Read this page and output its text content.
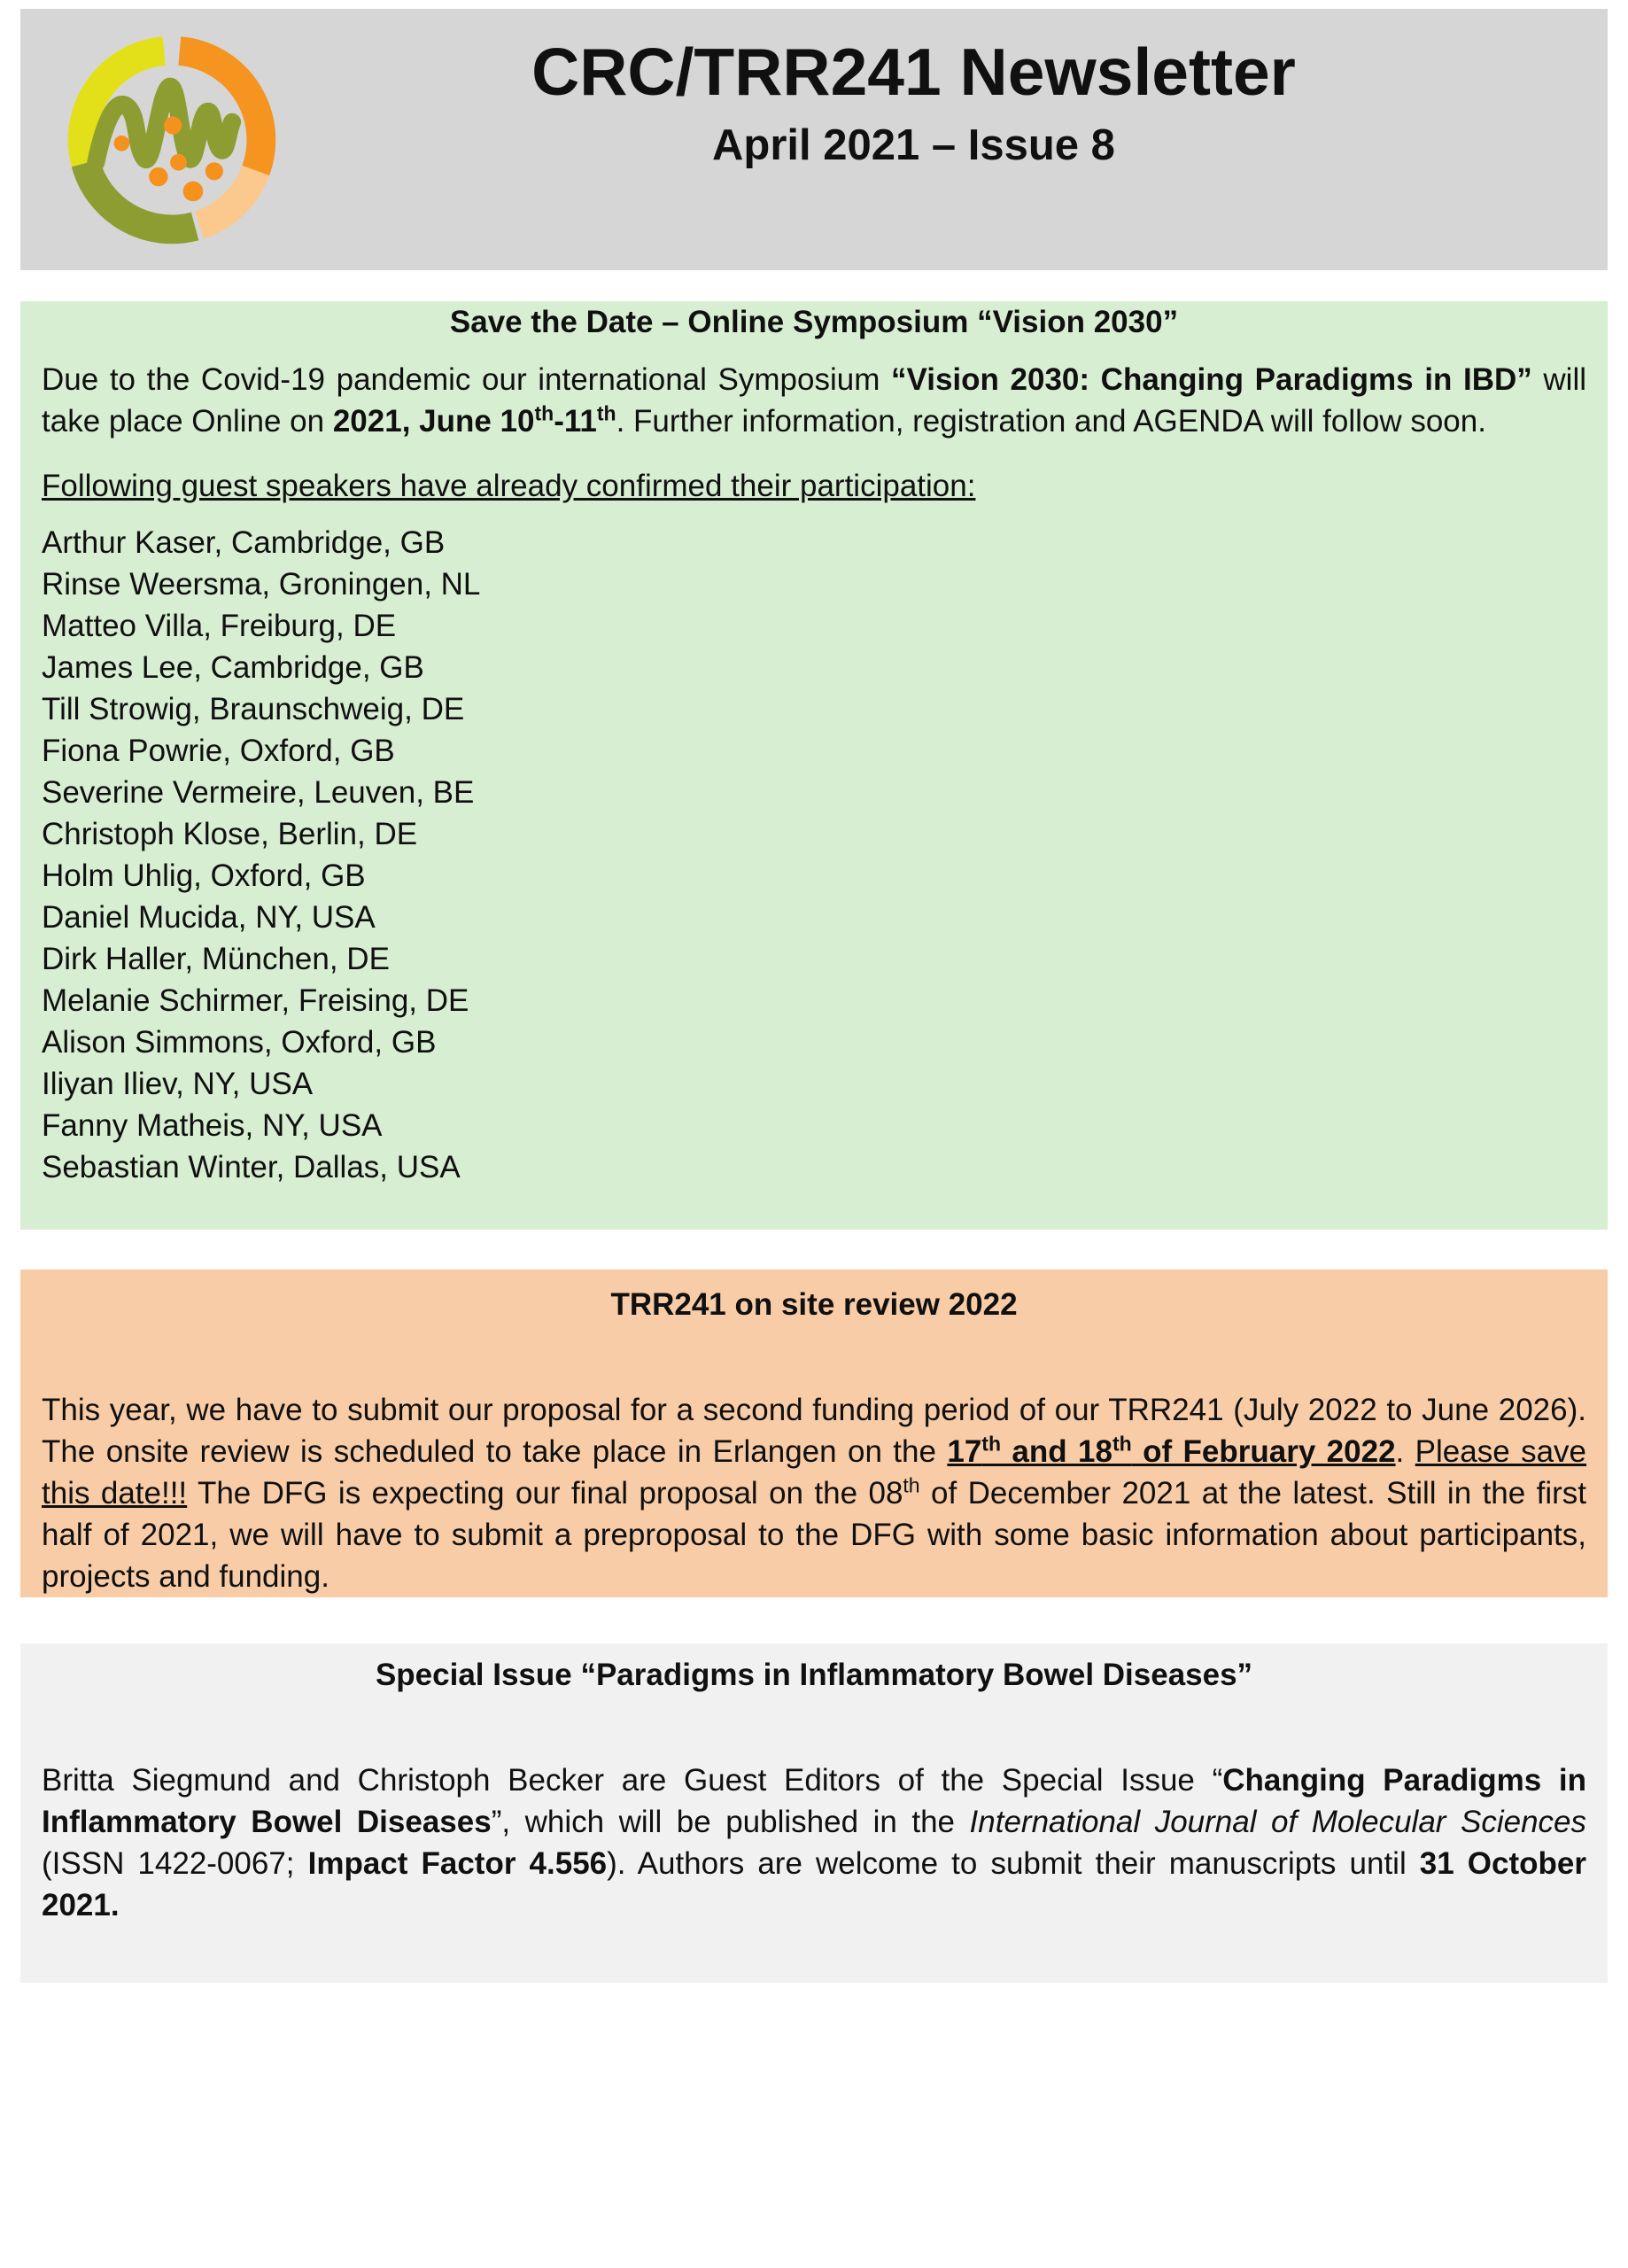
CRC/TRR241 Newsletter
April 2021 – Issue 8
Save the Date – Online Symposium “Vision 2030”

Due to the Covid-19 pandemic our international Symposium “Vision 2030: Changing Paradigms in IBD” will take place Online on 2021, June 10th-11th. Further information, registration and AGENDA will follow soon.

Following guest speakers have already confirmed their participation:

Arthur Kaser, Cambridge, GB
Rinse Weersma, Groningen, NL
Matteo Villa, Freiburg, DE
James Lee, Cambridge, GB
Till Strowig, Braunschweig, DE
Fiona Powrie, Oxford, GB
Severine Vermeire, Leuven, BE
Christoph Klose, Berlin, DE
Holm Uhlig, Oxford, GB
Daniel Mucida, NY, USA
Dirk Haller, München, DE
Melanie Schirmer, Freising, DE
Alison Simmons, Oxford, GB
Iliyan Iliev, NY, USA
Fanny Matheis, NY, USA
Sebastian Winter, Dallas, USA
TRR241 on site review 2022

This year, we have to submit our proposal for a second funding period of our TRR241 (July 2022 to June 2026). The onsite review is scheduled to take place in Erlangen on the 17th and 18th of February 2022. Please save this date!!! The DFG is expecting our final proposal on the 08th of December 2021 at the latest. Still in the first half of 2021, we will have to submit a preproposal to the DFG with some basic information about participants, projects and funding.

Special Issue “Paradigms in Inflammatory Bowel Diseases”

Britta Siegmund and Christoph Becker are Guest Editors of the Special Issue “Changing Paradigms in Inflammatory Bowel Diseases”, which will be published in the International Journal of Molecular Sciences (ISSN 1422-0067; Impact Factor 4.556). Authors are welcome to submit their manuscripts until 31 October 2021.
